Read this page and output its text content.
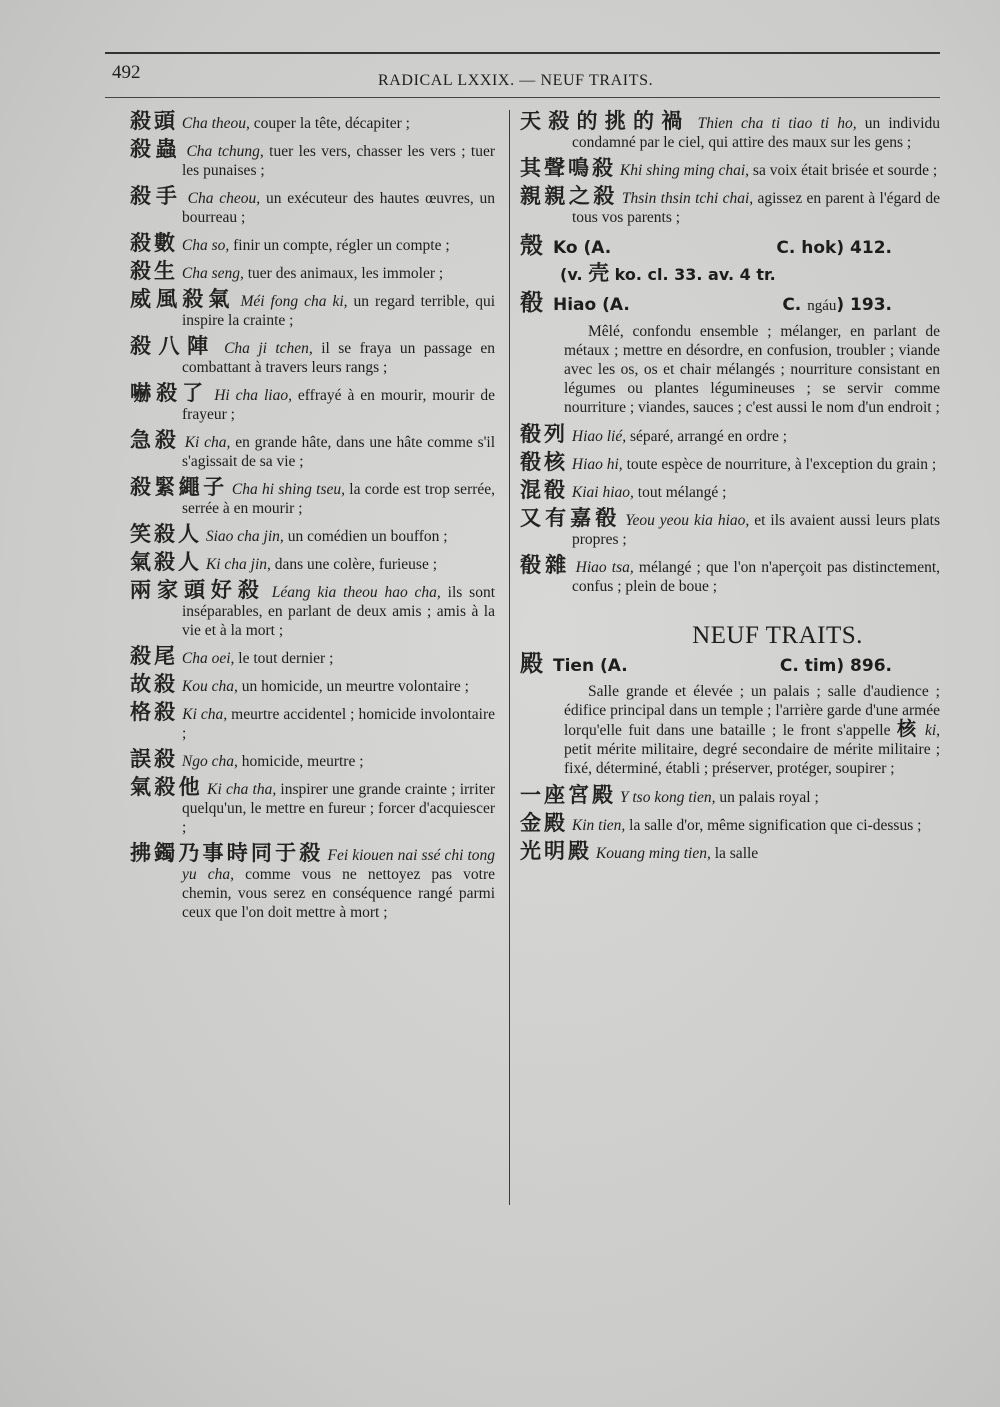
492	RADICAL LXXIX. — NEUF TRAITS.
殺頭 Cha theou, couper la tête, décapiter ;
殺蟲 Cha tchung, tuer les vers, chasser les vers ; tuer les punaises ;
殺手 Cha cheou, un exécuteur des hautes œuvres, un bourreau ;
殺數 Cha so, finir un compte, régler un compte ;
殺生 Cha seng, tuer des animaux, les immoler ;
威風殺氣 Méi fong cha ki, un regard terrible, qui inspire la crainte ;
殺八陣 Cha ji tchen, il se fraya un passage en combattant à travers leurs rangs ;
嚇殺了 Hi cha liao, effrayé à en mourir, mourir de frayeur ;
急殺 Ki cha, en grande hâte, dans une hâte comme s'il s'agissait de sa vie ;
殺緊繩子 Cha hi shing tseu, la corde est trop serrée, serrée à en mourir ;
笑殺人 Siao cha jin, un comédien un bouffon ;
氣殺人 Ki cha jin, dans une colère, furieuse ;
兩家頭好殺 Léang kia theou hao cha, ils sont inséparables, en parlant de deux amis ; amis à la vie et à la mort ;
殺尾 Cha oei, le tout dernier ;
故殺 Kou cha, un homicide, un meurtre volontaire ;
格殺 Ki cha, meurtre accidentel ; homicide involontaire ;
誤殺 Ngo cha, homicide, meurtre ;
氣殺他 Ki cha tha, inspirer une grande crainte ; irriter quelqu'un, le mettre en fureur ; forcer d'acquiescer ;
拂鐲乃事時同于殺 Fei kiouen nai ssé chi tong yu cha, comme vous ne nettoyez pas votre chemin, vous serez en conséquence rangé parmi ceux que l'on doit mettre à mort ;
天殺的挑的禍 Thien cha ti tiao ti ho, un individu condamné par le ciel, qui attire des maux sur les gens ;
其聲鳴殺 Khi shing ming chai, sa voix était brisée et sourde ;
親親之殺 Thsin thsin tchi chai, agissez en parent à l'égard de tous vos parents ;
殼 Ko (A.	C. hok) 412.
(v. 壳 ko. cl. 33. av. 4 tr.
殽 Hiao (A.	C. ngáu) 193.
Mêlé, confondu ensemble ; mélanger, en parlant de métaux ; mettre en désordre, en confusion, troubler ; viande avec les os, os et chair mélangés ; nourriture consistant en légumes ou plantes légumineuses ; se servir comme nourriture ; viandes, sauces ; c'est aussi le nom d'un endroit ;
殽列 Hiao lié, séparé, arrangé en ordre ;
殽核 Hiao hi, toute espèce de nourriture, à l'exception du grain ;
混殽 Kiai hiao, tout mélangé ;
又有嘉殽 Yeou yeou kia hiao, et ils avaient aussi leurs plats propres ;
殽雜 Hiao tsa, mélangé ; que l'on n'aperçoit pas distinctement, confus ; plein de boue ;
NEUF TRAITS.
殿 Tien (A.	C. tim) 896.
Salle grande et élevée ; un palais ; salle d'audience ; édifice principal dans un temple ; l'arrière garde d'une armée lorqu'elle fuit dans une bataille ; le front s'appelle 核 ki, petit mérite militaire, degré secondaire de mérite militaire ; fixé, déterminé, établi ; préserver, protéger, soupirer ;
一座宮殿 Y tso kong tien, un palais royal ;
金殿 Kin tien, la salle d'or, même signification que ci-dessus ;
光明殿 Kouang ming tien, la salle
